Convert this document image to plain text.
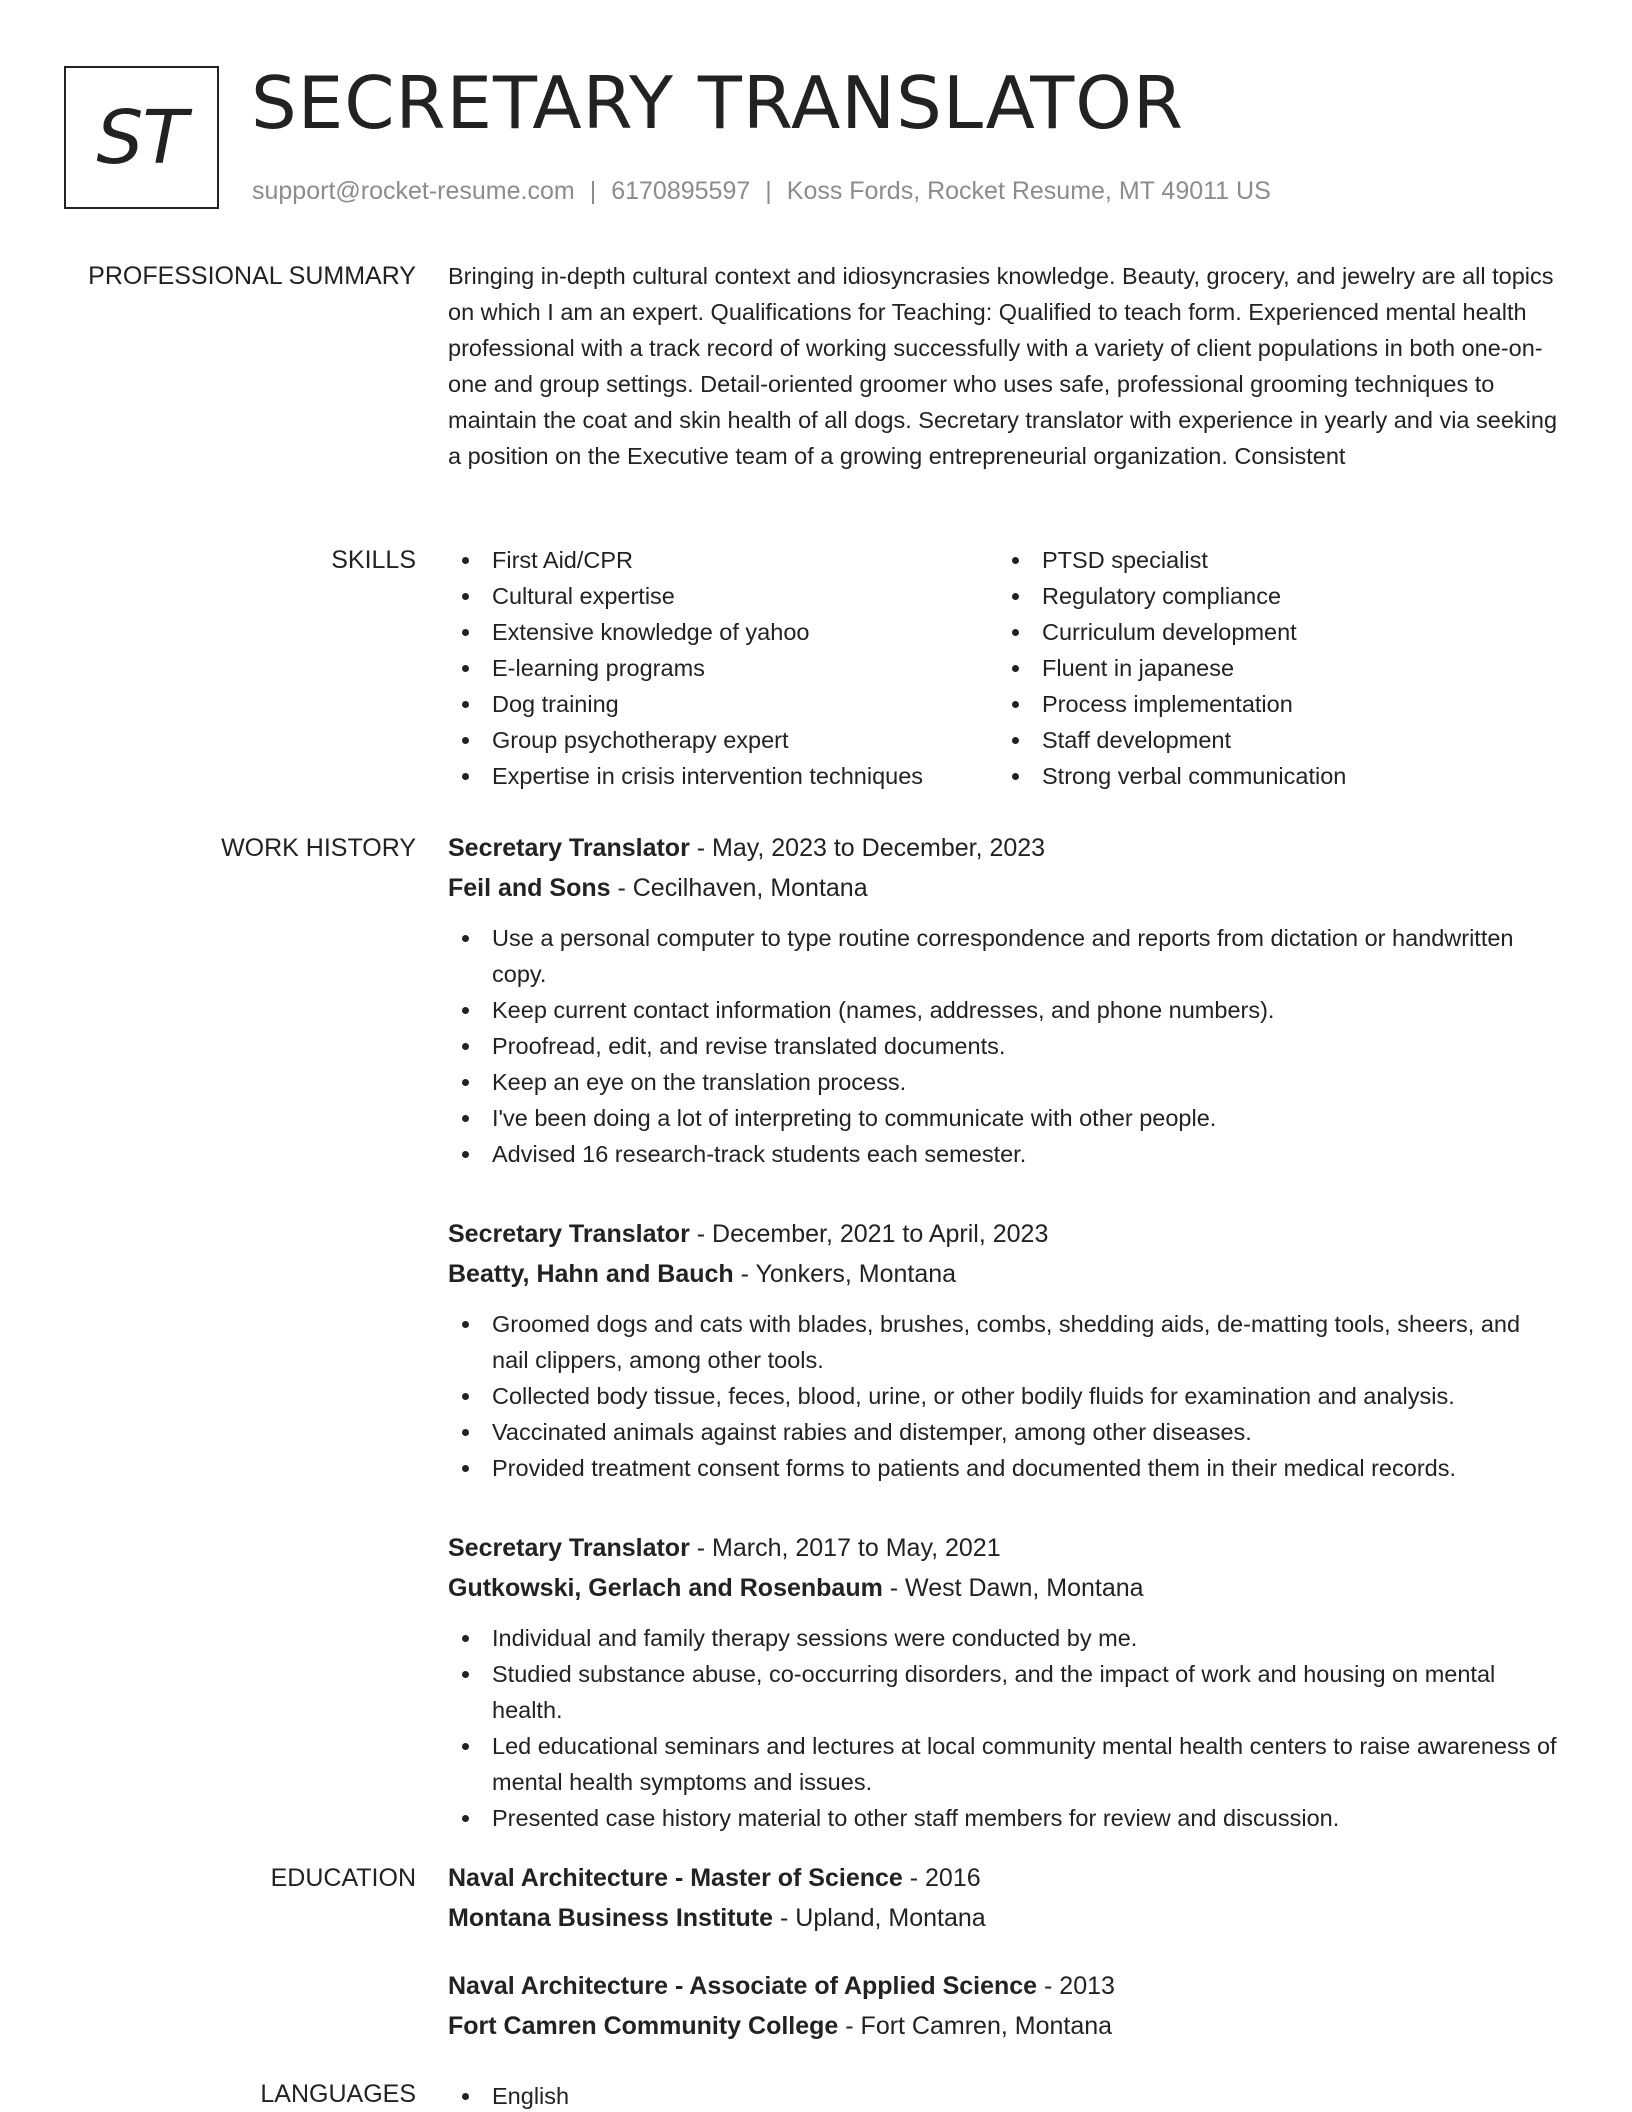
ST SECRETARY TRANSLATOR
support@rocket-resume.com | 6170895597 | Koss Fords, Rocket Resume, MT 49011 US
PROFESSIONAL SUMMARY Bringing in-depth cultural context and idiosyncrasies knowledge. Beauty, grocery, and jewelry are all topics on which I am an expert. Qualifications for Teaching: Qualified to teach form. Experienced mental health professional with a track record of working successfully with a variety of client populations in both one-on-one and group settings. Detail-oriented groomer who uses safe, professional grooming techniques to maintain the coat and skin health of all dogs. Secretary translator with experience in yearly and via seeking a position on the Executive team of a growing entrepreneurial organization. Consistent

SKILLS	First Aid/CPR
Cultural expertise
Extensive knowledge of yahoo
E-learning programs
Dog training
Group psychotherapy expert
Expertise in crisis intervention techniques
PTSD specialist
Regulatory compliance
Curriculum development
Fluent in japanese
Process implementation
Staff development
Strong verbal communication
WORK HISTORY Secretary Translator - May, 2023 to December, 2023
Feil and Sons - Cecilhaven, Montana
Use a personal computer to type routine correspondence and reports from dictation or handwritten copy.
Keep current contact information (names, addresses, and phone numbers).
Proofread, edit, and revise translated documents.
Keep an eye on the translation process.
I've been doing a lot of interpreting to communicate with other people.
Advised 16 research-track students each semester.
Secretary Translator - December, 2021 to April, 2023
Beatty, Hahn and Bauch - Yonkers, Montana
Groomed dogs and cats with blades, brushes, combs, shedding aids, de-matting tools, sheers, and nail clippers, among other tools.
Collected body tissue, feces, blood, urine, or other bodily fluids for examination and analysis.
Vaccinated animals against rabies and distemper, among other diseases.
Provided treatment consent forms to patients and documented them in their medical records.
Secretary Translator - March, 2017 to May, 2021
Gutkowski, Gerlach and Rosenbaum - West Dawn, Montana
Individual and family therapy sessions were conducted by me.
Studied substance abuse, co-occurring disorders, and the impact of work and housing on mental health.
Led educational seminars and lectures at local community mental health centers to raise awareness of mental health symptoms and issues.
Presented case history material to other staff members for review and discussion.
EDUCATION Naval Architecture - Master of Science - 2016
Montana Business Institute - Upland, Montana
Naval Architecture - Associate of Applied Science - 2013
Fort Camren Community College - Fort Camren, Montana
LANGUAGES	English
